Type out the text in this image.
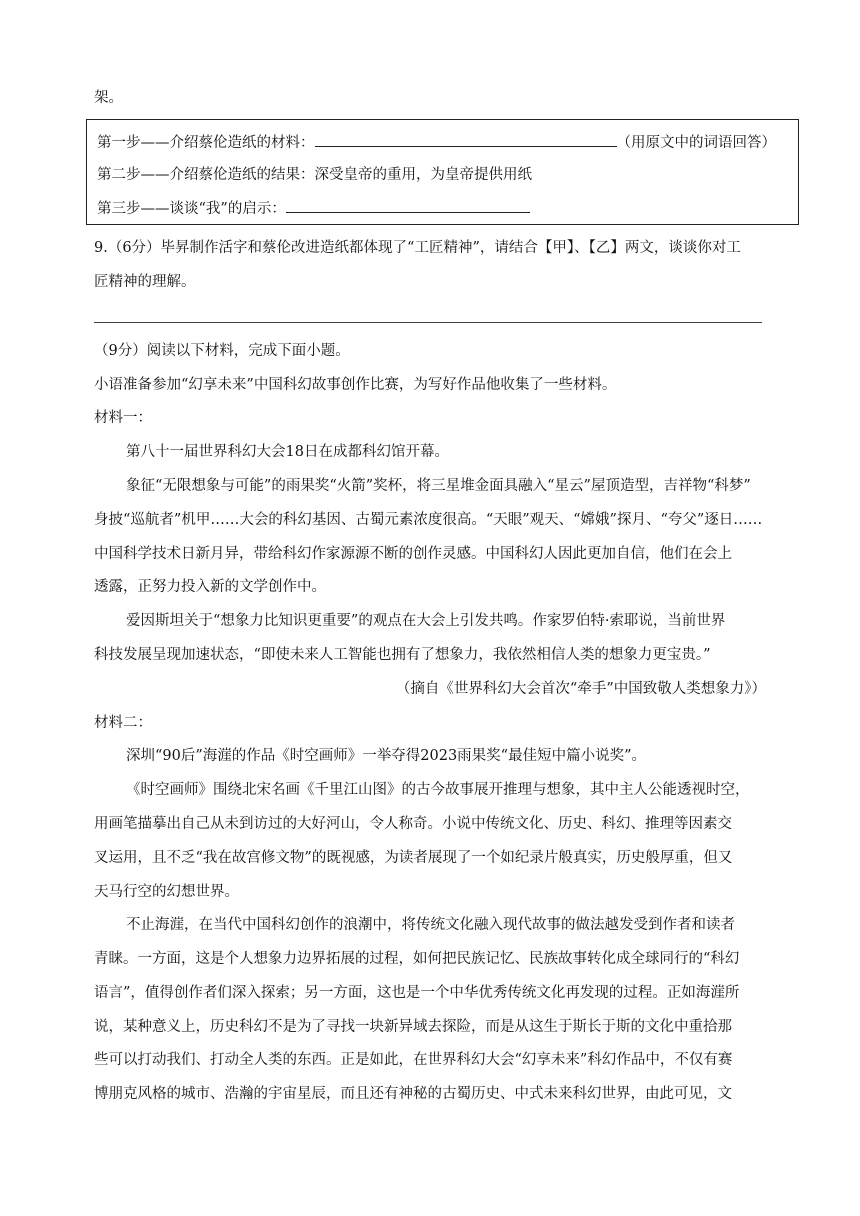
架。
第一步——介绍蔡伦造纸的材料：	（用原文中的词语回答）
第二步——介绍蔡伦造纸的结果：深受皇帝的重用，为皇帝提供用纸
第三步——谈谈“我”的启示：
9.（6分）毕昇制作活字和蔡伦改进造纸都体现了“工匠精神”，请结合【甲】、【乙】两文，谈谈你对工
匠精神的理解。
（9分）阅读以下材料，完成下面小题。
小语准备参加“幻享未来”中国科幻故事创作比赛，为写好作品他收集了一些材料。
材料一：
第八十一届世界科幻大会18日在成都科幻馆开幕。
象征“无限想象与可能”的雨果奖“火箭”奖杯，将三星堆金面具融入“星云”屋顶造型，吉祥物“科梦”
身披“巡航者”机甲……大会的科幻基因、古蜀元素浓度很高。“天眼”观天、“嫦娥”探月、“夸父”逐日……
中国科学技术日新月异，带给科幻作家源源不断的创作灵感。中国科幻人因此更加自信，他们在会上
透露，正努力投入新的文学创作中。
爱因斯坦关于“想象力比知识更重要”的观点在大会上引发共鸣。作家罗伯特·索耶说，当前世界
科技发展呈现加速状态，“即使未来人工智能也拥有了想象力，我依然相信人类的想象力更宝贵。”
（摘自《世界科幻大会首次“牵手”中国致敬人类想象力》）
材料二：
深圳“90后”海漄的作品《时空画师》一举夺得2023雨果奖“最佳短中篇小说奖”。
《时空画师》围绕北宋名画《千里江山图》的古今故事展开推理与想象，其中主人公能透视时空，
用画笔描摹出自己从未到访过的大好河山，令人称奇。小说中传统文化、历史、科幻、推理等因素交
叉运用，且不乏“我在故宫修文物”的既视感，为读者展现了一个如纪录片般真实，历史般厚重，但又
天马行空的幻想世界。
不止海漄，在当代中国科幻创作的浪潮中，将传统文化融入现代故事的做法越发受到作者和读者
青睐。一方面，这是个人想象力边界拓展的过程，如何把民族记忆、民族故事转化成全球同行的“科幻
语言”，值得创作者们深入探索；另一方面，这也是一个中华优秀传统文化再发现的过程。正如海漄所
说，某种意义上，历史科幻不是为了寻找一块新异域去探险，而是从这生于斯长于斯的文化中重拾那
些可以打动我们、打动全人类的东西。正是如此，在世界科幻大会“幻享未来”科幻作品中，不仅有赛
博朋克风格的城市、浩瀚的宇宙星辰，而且还有神秘的古蜀历史、中式未来科幻世界，由此可见，文
